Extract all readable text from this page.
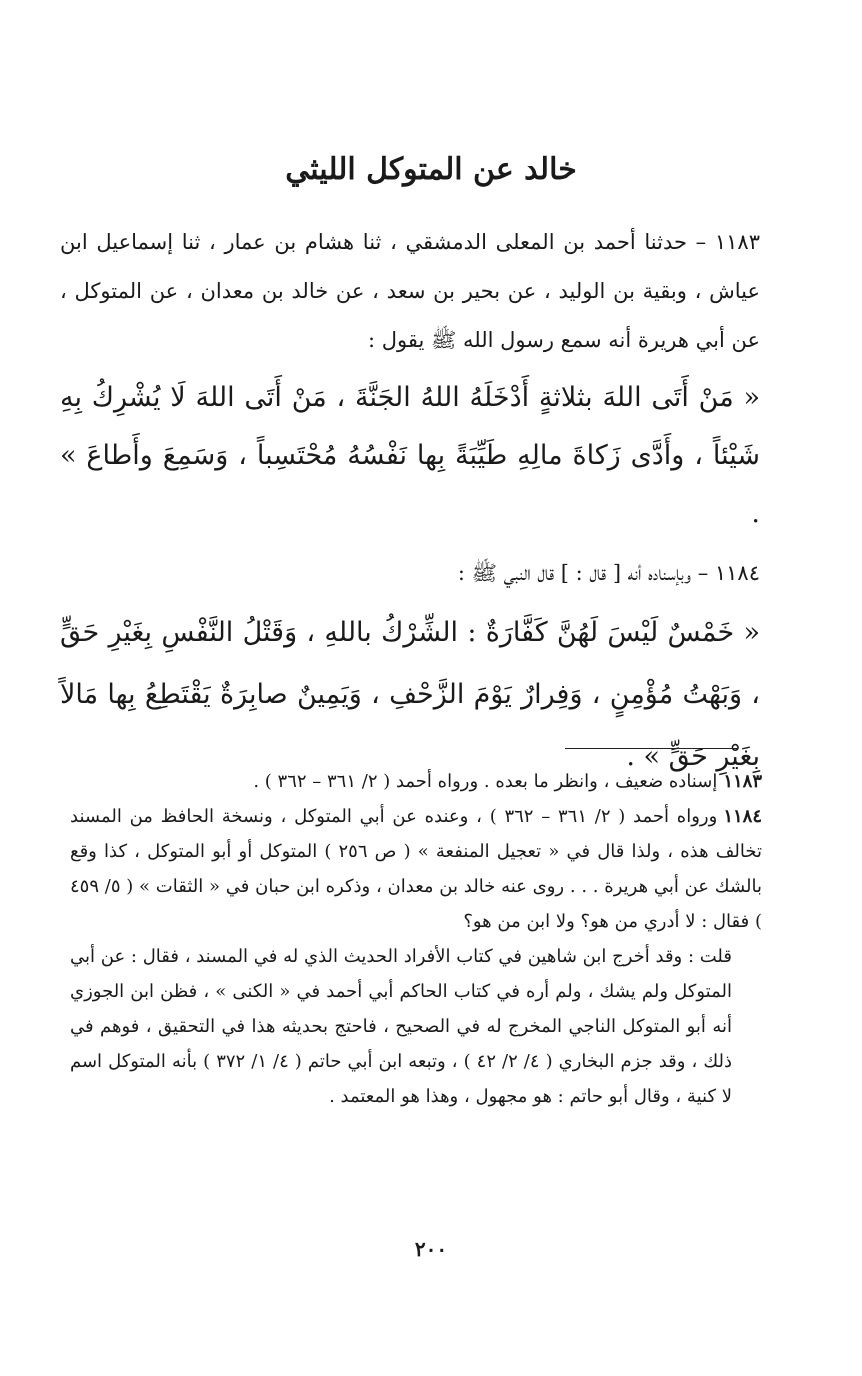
خالد عن المتوكل الليثي

١١٨٣ – حدثنا أحمد بن المعلى الدمشقي ، ثنا هشام بن عمار ، ثنا إسماعيل ابن عياش ، وبقية بن الوليد ، عن بحير بن سعد ، عن خالد بن معدان ، عن المتوكل ، عن أبي هريرة أنه سمع رسول الله ﷺ يقول :

« مَنْ أَتَى اللهَ بثلاثةٍ أَدْخَلَهُ اللهُ الجَنَّةَ ، مَنْ أَتَى اللهَ لَا يُشْرِكُ بِهِ شَيْئاً ، وأَدَّى زَكاةَ مالِهِ طَيِّبَةً بِها نَفْسُهُ مُحْتَسِباً ، وَسَمِعَ وأَطاعَ » .

١١٨٤ – وبإسناده أنه [ قال : ] قال النبي ﷺ :

« خَمْسٌ لَيْسَ لَهُنَّ كَفَّارَةٌ : الشِّرْكُ باللهِ ، وَقَتْلُ النَّفْسِ بِغَيْرِ حَقٍّ ، وَبَهْتُ مُؤْمِنٍ ، وَفِرارٌ يَوْمَ الزَّحْفِ ، وَيَمِينٌ صابِرَةٌ يَقْتَطِعُ بِها مَالاً بِغَيْرِ حَقٍّ » .

١١٨٣إسناده ضعيف ، وانظر ما بعده . ورواه أحمد ( ٢/ ٣٦١ – ٣٦٢ ) .

١١٨٤ورواه أحمد ( ٢/ ٣٦١ – ٣٦٢ ) ، وعنده عن أبي المتوكل ، ونسخة الحافظ من المسند تخالف هذه ، ولذا قال في « تعجيل المنفعة » ( ص ٢٥٦ ) المتوكل أو أبو المتوكل ، كذا وقع بالشك عن أبي هريرة . . . روى عنه خالد بن معدان ، وذكره ابن حبان في « الثقات » ( ٥/ ٤٥٩ ) فقال : لا أدري من هو؟ ولا ابن من هو؟

قلت : وقد أخرج ابن شاهين في كتاب الأفراد الحديث الذي له في المسند ، فقال : عن أبي المتوكل ولم يشك ، ولم أره في كتاب الحاكم أبي أحمد في « الكنى » ، فظن ابن الجوزي أنه أبو المتوكل الناجي المخرج له في الصحيح ، فاحتج بحديثه هذا في التحقيق ، فوهم في ذلك ، وقد جزم البخاري ( ٤/ ٢/ ٤٢ ) ، وتبعه ابن أبي حاتم ( ٤/ ١/ ٣٧٢ ) بأنه المتوكل اسم لا كنية ، وقال أبو حاتم : هو مجهول ، وهذا هو المعتمد .

٢٠٠
